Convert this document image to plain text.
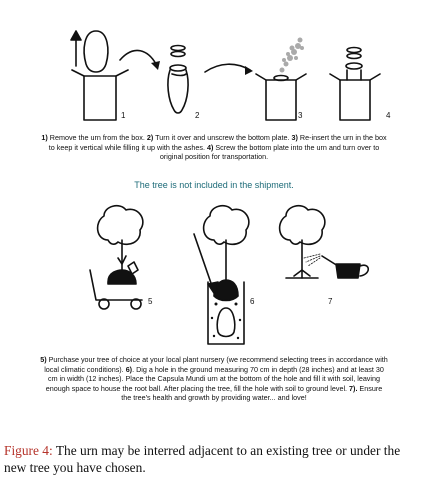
1	2	3	4
5	6	7

1) Remove the urn from the box. 2) Turn it over and unscrew the bottom plate. 3) Re-insert the urn in the box to keep it vertical while filling it up with the ashes. 4) Screw the bottom plate into the urn and turn over to original position for transportation.

The tree is not included in the shipment.

5) Purchase your tree of choice at your local plant nursery (we recommend selecting trees in accordance with local climatic conditions). 6). Dig a hole in the ground measuring 70 cm in depth (28 inches) and at least 30 cm in width (12 inches). Place the Capsula Mundi urn at the bottom of the hole and fill it with soil, leaving enough space to house the root ball. After placing the tree, fill the hole with soil to ground level. 7). Ensure the tree's health and growth by providing water... and love!

Figure 4: The urn may be interred adjacent to an existing tree or under the new tree you have chosen.
